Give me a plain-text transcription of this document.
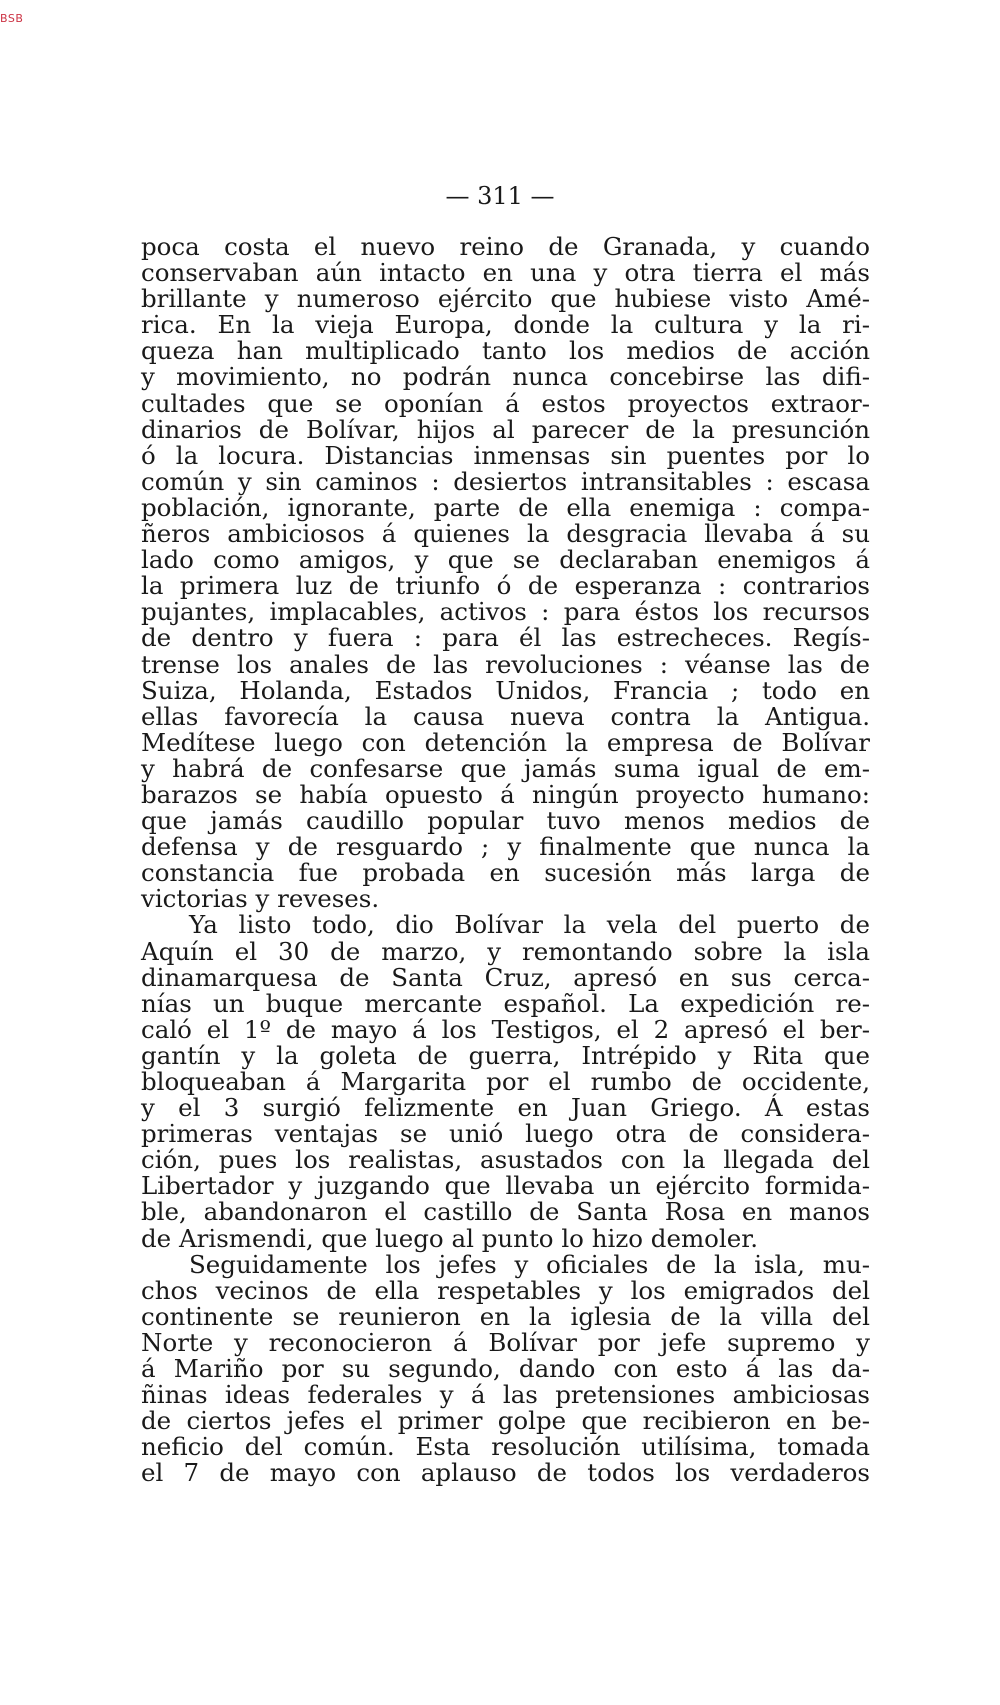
BSB
— 311 —
poca costa el nuevo reino de Granada, y cuando
conservaban aún intacto en una y otra tierra el más
brillante y numeroso ejército que hubiese visto Amé-
rica. En la vieja Europa, donde la cultura y la ri-
queza han multiplicado tanto los medios de acción
y movimiento, no podrán nunca concebirse las difi-
cultades que se oponían á estos proyectos extraor-
dinarios de Bolívar, hijos al parecer de la presunción
ó la locura. Distancias inmensas sin puentes por lo
común y sin caminos : desiertos intransitables : escasa
población, ignorante, parte de ella enemiga : compa-
ñeros ambiciosos á quienes la desgracia llevaba á su
lado como amigos, y que se declaraban enemigos á
la primera luz de triunfo ó de esperanza : contrarios
pujantes, implacables, activos : para éstos los recursos
de dentro y fuera : para él las estrecheces. Regís-
trense los anales de las revoluciones : véanse las de
Suiza, Holanda, Estados Unidos, Francia ; todo en
ellas favorecía la causa nueva contra la Antigua.
Medítese luego con detención la empresa de Bolívar
y habrá de confesarse que jamás suma igual de em-
barazos se había opuesto á ningún proyecto humano:
que jamás caudillo popular tuvo menos medios de
defensa y de resguardo ; y finalmente que nunca la
constancia fue probada en sucesión más larga de
victorias y reveses.
Ya listo todo, dio Bolívar la vela del puerto de
Aquín el 30 de marzo, y remontando sobre la isla
dinamarquesa de Santa Cruz, apresó en sus cerca-
nías un buque mercante español. La expedición re-
caló el 1º de mayo á los Testigos, el 2 apresó el ber-
gantín y la goleta de guerra, Intrépido y Rita que
bloqueaban á Margarita por el rumbo de occidente,
y el 3 surgió felizmente en Juan Griego. Á estas
primeras ventajas se unió luego otra de considera-
ción, pues los realistas, asustados con la llegada del
Libertador y juzgando que llevaba un ejército formida-
ble, abandonaron el castillo de Santa Rosa en manos
de Arismendi, que luego al punto lo hizo demoler.
Seguidamente los jefes y oficiales de la isla, mu-
chos vecinos de ella respetables y los emigrados del
continente se reunieron en la iglesia de la villa del
Norte y reconocieron á Bolívar por jefe supremo y
á Mariño por su segundo, dando con esto á las da-
ñinas ideas federales y á las pretensiones ambiciosas
de ciertos jefes el primer golpe que recibieron en be-
neficio del común. Esta resolución utilísima, tomada
el 7 de mayo con aplauso de todos los verdaderos
